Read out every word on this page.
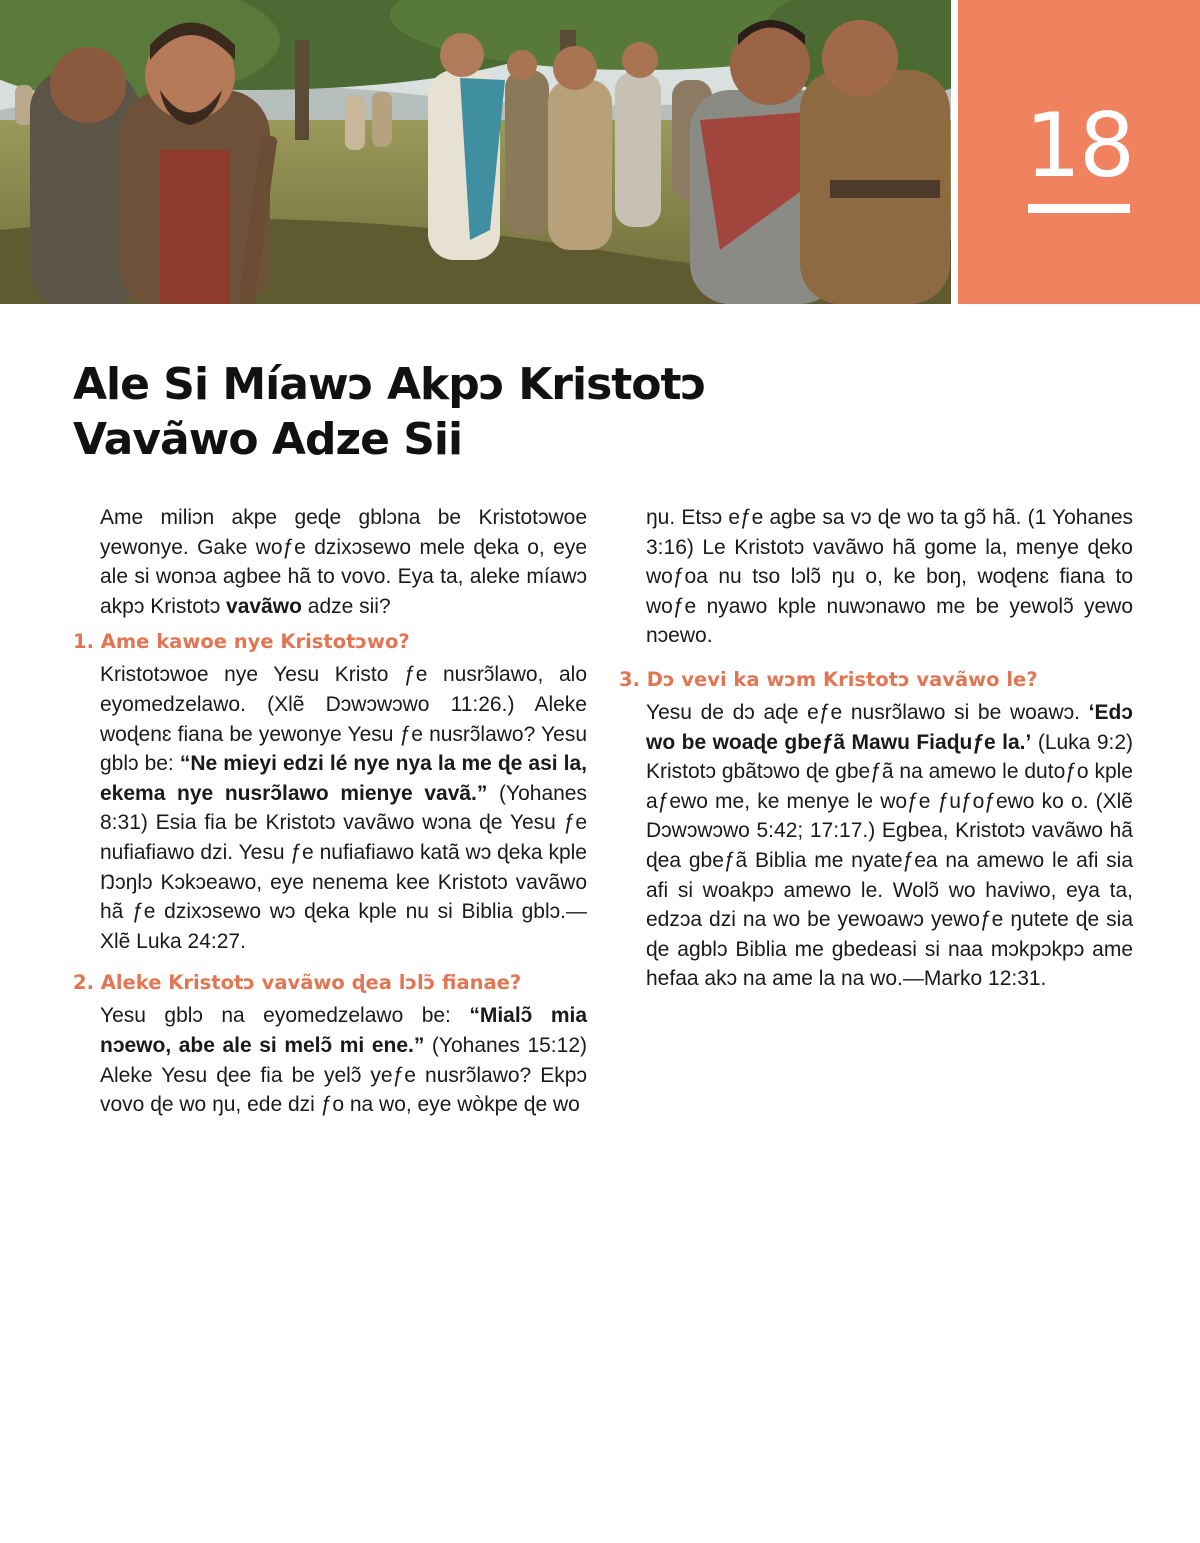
18
Ale Si Míawɔ Akpɔ Kristotɔ
Vavãwo Adze Sii

Ame miliɔn akpe geɖe gblɔna be Kristotɔwoe yewonye. Gake woƒe dzixɔsewo mele ɖeka o, eye ale si wonɔa agbee hã to vovo. Eya ta, aleke míawɔ akpɔ Kristotɔ vavãwo adze sii?

1. Ame kawoe nye Kristotɔwo?

Kristotɔwoe nye Yesu Kristo ƒe nusrɔ̃lawo, alo eyomedzelawo. (Xlẽ Dɔwɔwɔwo 11:26.) Aleke woɖenɛ fiana be yewonye Yesu ƒe nusrɔ̃lawo? Yesu gblɔ be: “Ne mieyi edzi lé nye nya la me ɖe asi la, ekema nye nusrɔ̃lawo mienye vavã.” (Yohanes 8:31) Esia fia be Kristotɔ vavãwo wɔna ɖe Yesu ƒe nufiafiawo dzi. Yesu ƒe nufiafiawo katã wɔ ɖeka kple Ŋɔŋlɔ Kɔkɔeawo, eye nenema kee Kristotɔ vavãwo hã ƒe dzixɔsewo wɔ ɖeka kple nu si Biblia gblɔ.—Xlẽ Luka 24:27.

2. Aleke Kristotɔ vavãwo ɖea lɔlɔ̃ fianae?

Yesu gblɔ na eyomedzelawo be: “Mialɔ̃ mia nɔewo, abe ale si melɔ̃ mi ene.” (Yohanes 15:12) Aleke Yesu ɖee fia be yelɔ̃ yeƒe nusrɔ̃lawo? Ekpɔ vovo ɖe wo ŋu, ede dzi ƒo na wo, eye wòkpe ɖe wo

ŋu. Etsɔ eƒe agbe sa vɔ ɖe wo ta gɔ̃ hã. (1 Yohanes 3:16) Le Kristotɔ vavãwo hã gome la, menye ɖeko woƒoa nu tso lɔlɔ̃ ŋu o, ke boŋ, woɖenɛ fiana to woƒe nyawo kple nuwɔnawo me be yewolɔ̃ yewo nɔewo.

3. Dɔ vevi ka wɔm Kristotɔ vavãwo le?

Yesu de dɔ aɖe eƒe nusrɔ̃lawo si be woawɔ. ‘Edɔ wo be woaɖe gbeƒã Mawu Fiaɖuƒe la.’ (Luka 9:2) Kristotɔ gbãtɔwo ɖe gbeƒã na amewo le dutoƒo kple aƒewo me, ke menye le woƒe ƒuƒoƒewo ko o. (Xlẽ Dɔwɔwɔwo 5:42; 17:17.) Egbea, Kristotɔ vavãwo hã ɖea gbeƒã Biblia me nyateƒea na amewo le afi sia afi si woakpɔ amewo le. Wolɔ̃ wo haviwo, eya ta, edzɔa dzi na wo be yewoawɔ yewoƒe ŋutete ɖe sia ɖe agblɔ Biblia me gbedeasi si naa mɔkpɔkpɔ ame hefaa akɔ na ame la na wo.—Marko 12:31.
